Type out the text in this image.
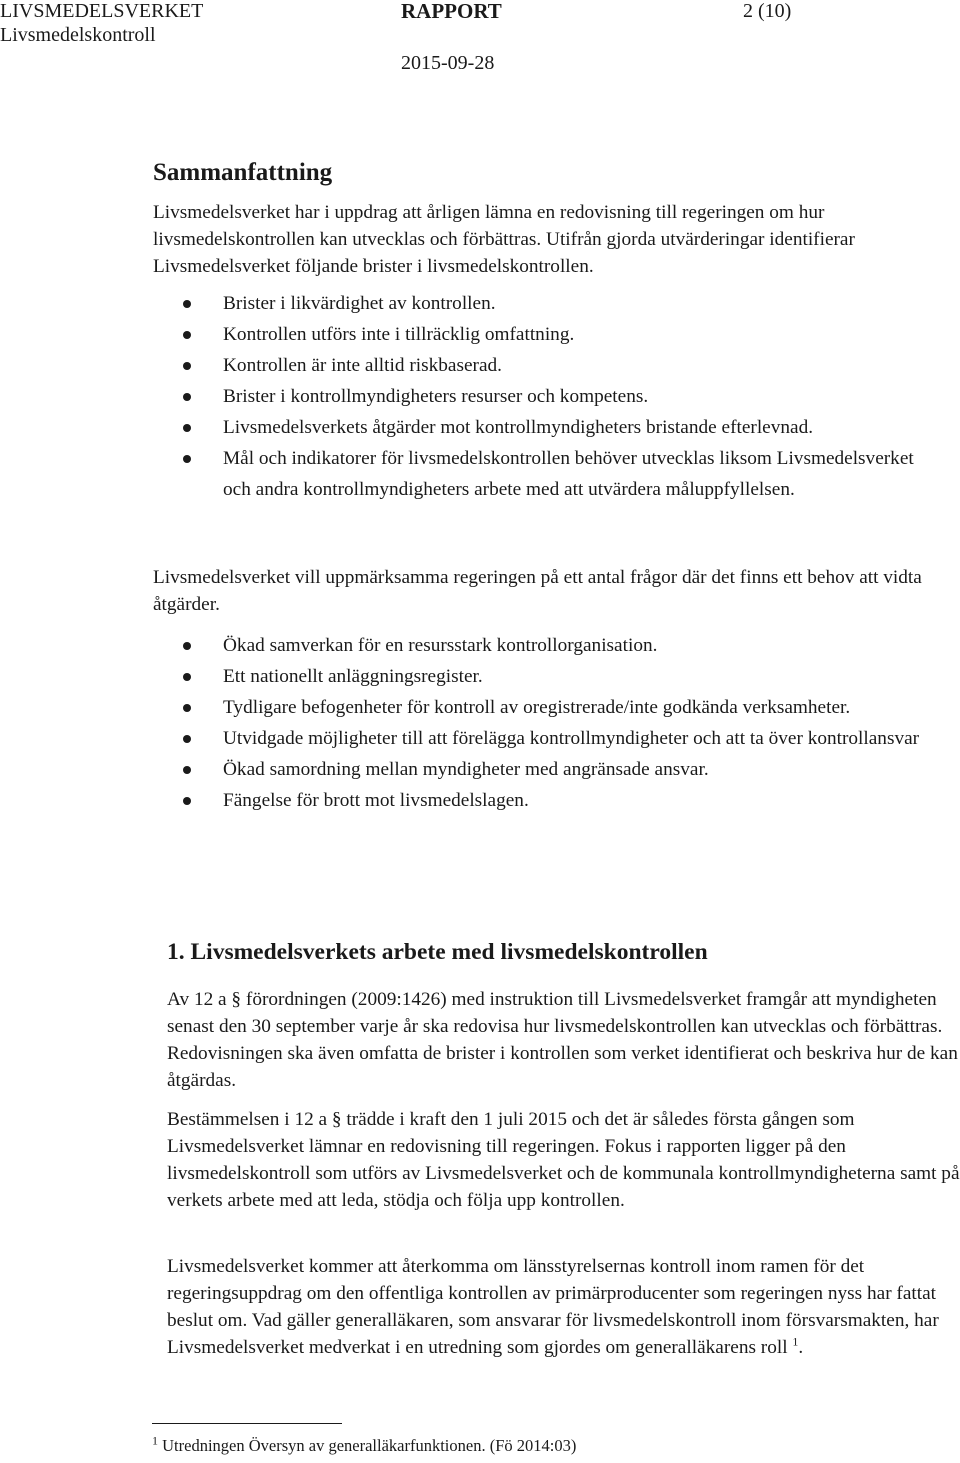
LIVSMEDELSVERKET	RAPPORT	2 (10)
Livsmedelskontroll
2015-09-28
Sammanfattning

Livsmedelsverket har i uppdrag att årligen lämna en redovisning till regeringen om hur livsmedelskontrollen kan utvecklas och förbättras. Utifrån gjorda utvärderingar identifierar Livsmedelsverket följande brister i livsmedelskontrollen.

Brister i likvärdighet av kontrollen.
Kontrollen utförs inte i tillräcklig omfattning.
Kontrollen är inte alltid riskbaserad.
Brister i kontrollmyndigheters resurser och kompetens.
Livsmedelsverkets åtgärder mot kontrollmyndigheters bristande efterlevnad.
Mål och indikatorer för livsmedelskontrollen behöver utvecklas liksom Livsmedelsverket och andra kontrollmyndigheters arbete med att utvärdera måluppfyllelsen.

Livsmedelsverket vill uppmärksamma regeringen på ett antal frågor där det finns ett behov att vidta åtgärder.

Ökad samverkan för en resursstark kontrollorganisation.
Ett nationellt anläggningsregister.
Tydligare befogenheter för kontroll av oregistrerade/inte godkända verksamheter.
Utvidgade möjligheter till att förelägga kontrollmyndigheter och att ta över kontrollansvar
Ökad samordning mellan myndigheter med angränsade ansvar.
Fängelse för brott mot livsmedelslagen.
1. Livsmedelsverkets arbete med livsmedelskontrollen

Av 12 a § förordningen (2009:1426) med instruktion till Livsmedelsverket framgår att myndigheten senast den 30 september varje år ska redovisa hur livsmedelskontrollen kan utvecklas och förbättras. Redovisningen ska även omfatta de brister i kontrollen som verket identifierat och beskriva hur de kan åtgärdas.

Bestämmelsen i 12 a § trädde i kraft den 1 juli 2015 och det är således första gången som Livsmedelsverket lämnar en redovisning till regeringen. Fokus i rapporten ligger på den livsmedelskontroll som utförs av Livsmedelsverket och de kommunala kontrollmyndigheterna samt på verkets arbete med att leda, stödja och följa upp kontrollen.

Livsmedelsverket kommer att återkomma om länsstyrelsernas kontroll inom ramen för det regeringsuppdrag om den offentliga kontrollen av primärproducenter som regeringen nyss har fattat beslut om. Vad gäller generalläkaren, som ansvarar för livsmedelskontroll inom försvarsmakten, har Livsmedelsverket medverkat i en utredning som gjordes om generalläkarens roll $^1$.

$^1$ Utredningen Översyn av generalläkarfunktionen. (Fö 2014:03)
